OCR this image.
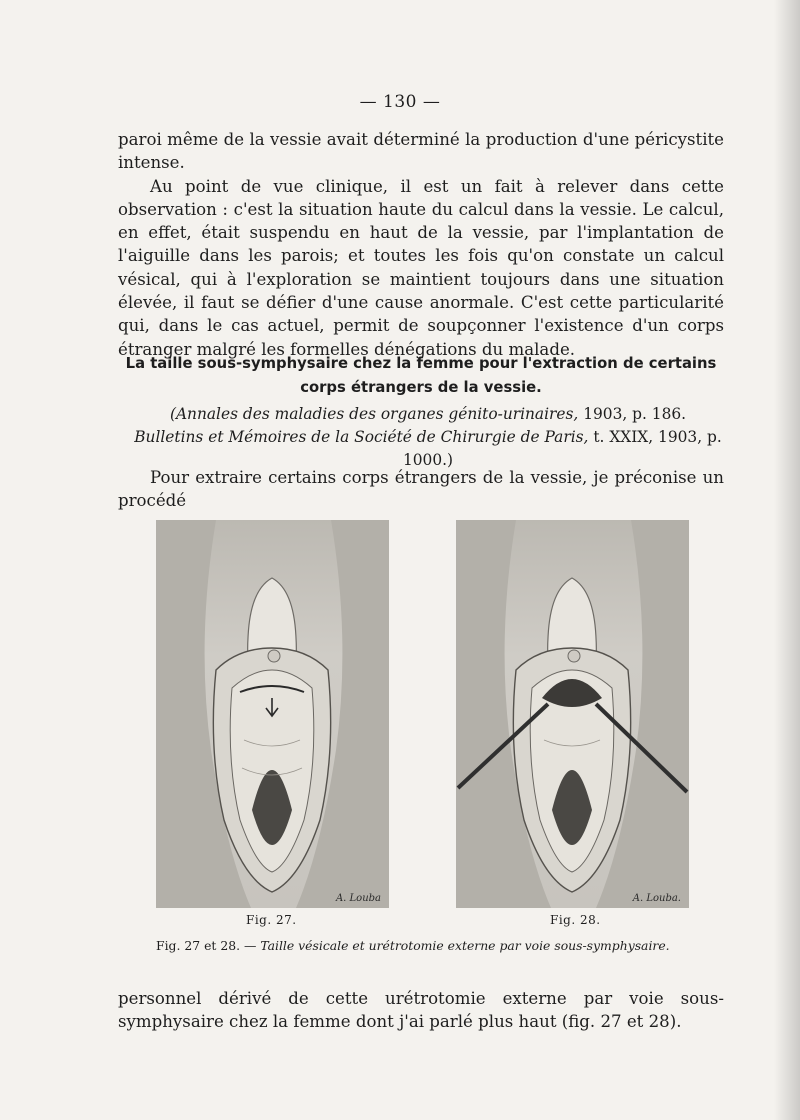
— 130 —

paroi même de la vessie avait déterminé la production d'une péricystite intense.
Au point de vue clinique, il est un fait à relever dans cette observation : c'est la situation haute du calcul dans la vessie. Le calcul, en effet, était suspendu en haut de la vessie, par l'implantation de l'aiguille dans les parois; et toutes les fois qu'on constate un calcul vésical, qui à l'exploration se maintient toujours dans une situation élevée, il faut se défier d'une cause anormale. C'est cette particularité qui, dans le cas actuel, permit de soupçonner l'existence d'un corps étranger malgré les formelles dénégations du malade.

La taille sous-symphysaire chez la femme pour l'extraction de certains corps étrangers de la vessie.

(Annales des maladies des organes génito-urinaires, 1903, p. 186.
Bulletins et Mémoires de la Société de Chirurgie de Paris, t. XXIX, 1903, p. 1000.)

Pour extraire certains corps étrangers de la vessie, je préconise un procédé

A. Louba	A. Louba.
Fig. 27.	Fig. 28.
Fig. 27 et 28. — Taille vésicale et urétrotomie externe par voie sous-symphysaire.

personnel dérivé de cette urétrotomie externe par voie sous-symphysaire chez la femme dont j'ai parlé plus haut (fig. 27 et 28).
